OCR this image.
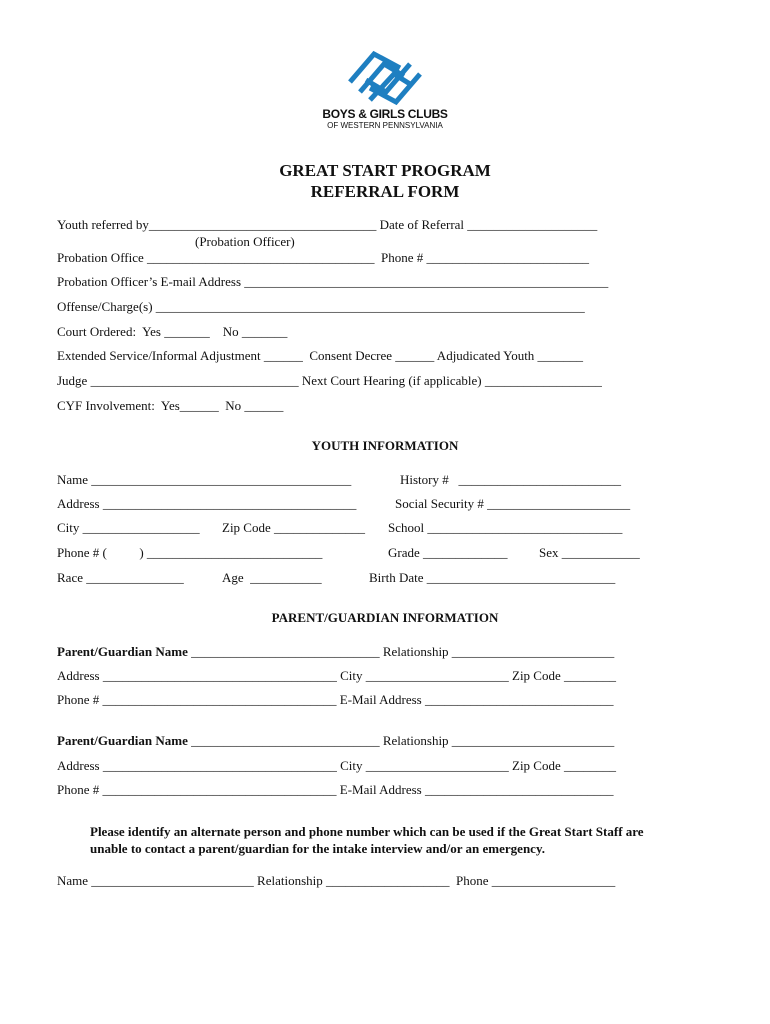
BOYS & GIRLS CLUBS
OF WESTERN PENNSYLVANIA
GREAT START PROGRAM
REFERRAL FORM
Youth referred by___________________________________ Date of Referral ____________________
(Probation Officer)
Probation Office ___________________________________  Phone # _________________________
Probation Officer’s E-mail Address ________________________________________________________
Offense/Charge(s) __________________________________________________________________
Court Ordered:  Yes _______    No _______
Extended Service/Informal Adjustment ______  Consent Decree ______ Adjudicated Youth _______
Judge ________________________________ Next Court Hearing (if applicable) __________________
CYF Involvement:  Yes______  No ______
YOUTH INFORMATION
Name ________________________________________	History #   _________________________
Address _______________________________________	Social Security # ______________________
City __________________ Zip Code ______________ School ______________________________
Phone # (          ) ___________________________	Grade _____________ Sex ____________
Race _______________	Age  ___________	Birth Date _____________________________
PARENT/GUARDIAN INFORMATION
Parent/Guardian Name _____________________________ Relationship _________________________
Address ____________________________________ City ______________________ Zip Code ________
Phone # ____________________________________ E-Mail Address _____________________________
Parent/Guardian Name _____________________________ Relationship _________________________
Address ____________________________________ City ______________________ Zip Code ________
Phone # ____________________________________ E-Mail Address _____________________________
Please identify an alternate person and phone number which can be used if the Great Start Staff are
unable to contact a parent/guardian for the intake interview and/or an emergency.
Name _________________________ Relationship ___________________  Phone ___________________
